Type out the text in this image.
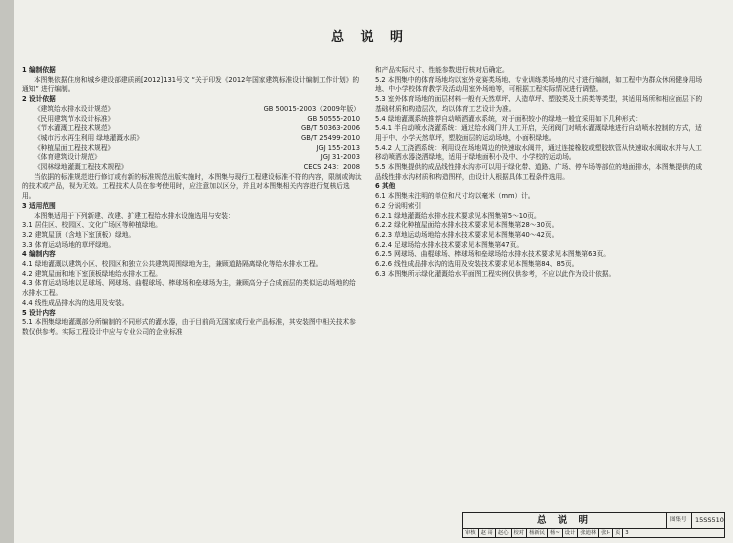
总 说 明
1 编制依据
本图集依据住房和城乡建设部建质函[2012]131号文 “关于印发《2012年国家建筑标准设计编制工作计划》的通知” 进行编制。
2 设计依据
《建筑给水排水设计规范》	GB 50015-2003（2009年版）
《民用建筑节水设计标准》	GB 50555-2010
《节水灌溉工程技术规范》	GB/T 50363-2006
《城市污水再生利用 绿地灌溉水质》	GB/T 25499-2010
《种植屋面工程技术规程》	JGJ 155-2013
《体育建筑设计规范》	JGJ 31-2003
《园林绿地灌溉工程技术规程》	CECS 243：2008
当依据的标准规范进行修订或有新的标准规范出版实施时，本图集与现行工程建设标准不符的内容，限制或淘汰的技术或产品，视为无效。工程技术人员在参考使用时，应注意加以区分，并且对本图集相关内容进行复核后选用。
3 适用范围
本图集适用于下列新建、改建、扩建工程给水排水设施选用与安装：
3.1 居住区、校园区、文化广场区等种植绿地。
3.2 建筑屋顶（含地下室顶板）绿地。
3.3 体育运动场地的草坪绿地。
4 编制内容
4.1 绿地灌溉以建筑小区、校园区和独立公共建筑周围绿地为主，兼顾道路隔离绿化等给水排水工程。
4.2 建筑屋面和地下室顶板绿地给水排水工程。
4.3 体育运动场地以足球场、网球场、曲棍球场、棒球场和垒球场为主，兼顾高分子合成面层的类似运动场地的给水排水工程。
4.4 线性成品排水沟的选用及安装。
5 设计内容
5.1 本图集绿地灌溉部分所编制的不同形式的灌水器，由于目前尚无国家或行业产品标准，其安装图中相关技术参数仅供参考。实际工程设计中应与专业公司的企业标准
和产品实际尺寸、性能参数进行核对后确定。
5.2 本图集中的体育场地均以室外竞赛类场地、专业训练类场地的尺寸进行编制，如工程中为群众休闲健身用场地、中小学校体育教学及活动用室外场地等，可根据工程实际情况进行调整。
5.3 室外体育场地的面层材料一般有天然草坪、人造草坪、塑胶类及土质类等类型，其适用场所和相应面层下的基础材质和构造层次，均以体育工艺设计为准。
5.4 绿地灌溉系统推荐自动喷洒灌水系统，对于面积较小的绿地一般宜采用如下几种形式：
5.4.1 半自动喷水浇灌系统：通过给水阀门井人工开启，关闭阀门对喷水灌溉绿地进行自动喷水控制的方式，适用于中、小学天然草坪，塑胶面层的运动场地，小面积绿地。
5.4.2 人工浇洒系统：利用设在场地周边的快速取水阀井，通过连接橡胶或塑胶软管从快速取水阀取水并与人工移动喷洒水器浇洒绿地，适用于绿地面积小及中、小学校的运动场。
5.5 本图集提供的成品线性排水沟亦可以用于绿化带、道路、广场、停车场等部位的地面排水，本图集提供的成品线性排水沟材质和构造图样，由设计人根据具体工程条件选用。
6 其他
6.1 本图集未注明的单位和尺寸均以毫米（mm）计。
6.2 分说明索引
6.2.1 绿地灌溉给水排水技术要求见本图集第5～10页。
6.2.2 绿化种植屋面给水排水技术要求见本图集第28～30页。
6.2.3 草地运动场地给水排水技术要求见本图集第40～42页。
6.2.4 足球场给水排水技术要求见本图集第47页。
6.2.5 网球场、曲棍球场、棒球场和垒球场给水排水技术要求见本图集第63页。
6.2.6 线性成品排水沟的选用及安装技术要求见本图集第84、85页。
6.3 本图集所示绿化灌溉给水平面图工程实例仅供参考，不应以此作为设计依据。
总 说 明	图集号 15SS510
审核 赵 哥 赵心 校对 杨新民 杨~ 设计 张迪林 张l- 页 3
